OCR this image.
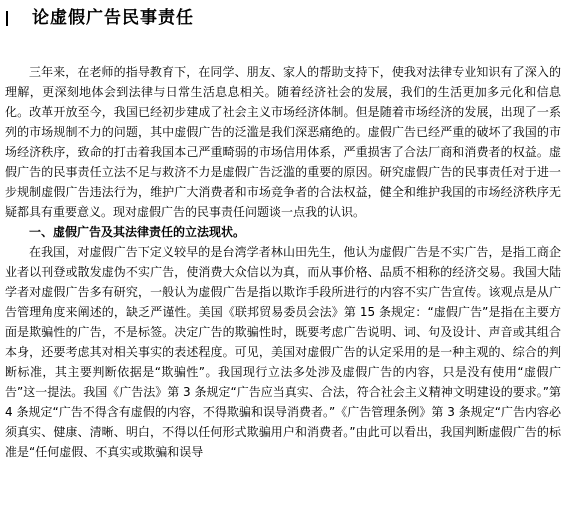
论虚假广告民事责任

三年来，在老师的指导教育下，在同学、朋友、家人的帮助支持下，使我对法律专业知识有了深入的理解，更深刻地体会到法律与日常生活息息相关。随着经济社会的发展，我们的生活更加多元化和信息化。改革开放至今，我国已经初步建成了社会主义市场经济体制。但是随着市场经济的发展，出现了一系列的市场规制不力的问题，其中虚假广告的泛滥是我们深恶痛绝的。虚假广告已经严重的破坏了我国的市场经济秩序，致命的打击着我国本己严重畸弱的市场信用体系，严重损害了合法厂商和消费者的权益。虚假广告的民事责任立法不足与救济不力是虚假广告泛滥的重要的原因。研究虚假广告的民事责任对于进一步规制虚假广告违法行为，维护广大消费者和市场竞争者的合法权益，健全和维护我国的市场经济秩序无疑都具有重要意义。现对虚假广告的民事责任问题谈一点我的认识。

一、虚假广告及其法律责任的立法现状。

在我国，对虚假广告下定义较早的是台湾学者林山田先生，他认为虚假广告是不实广告，是指工商企业者以刊登或散发虚伪不实广告，使消费大众信以为真，而从事价格、品质不相称的经济交易。我国大陆学者对虚假广告多有研究，一般认为虚假广告是指以欺诈手段所进行的内容不实广告宣传。该观点是从广告管理角度来阐述的，缺乏严谨性。美国《联邦贸易委员会法》第 15 条规定：“虚假广告”是指在主要方面是欺骗性的广告，不是标签。决定广告的欺骗性时，既要考虑广告说明、词、句及设计、声音或其组合本身，还要考虑其对相关事实的表述程度。可见，美国对虚假广告的认定采用的是一种主观的、综合的判断标准，其主要判断依据是“欺骗性”。我国现行立法多处涉及虚假广告的内容，只是没有使用“虚假广告”这一提法。我国《广告法》第 3 条规定“广告应当真实、合法，符合社会主义精神文明建设的要求。”第 4 条规定“广告不得含有虚假的内容，不得欺骗和误导消费者。”《广告管理条例》第 3 条规定“广告内容必须真实、健康、清晰、明白，不得以任何形式欺骗用户和消费者。”由此可以看出，我国判断虚假广告的标准是“任何虚假、不真实或欺骗和误导
